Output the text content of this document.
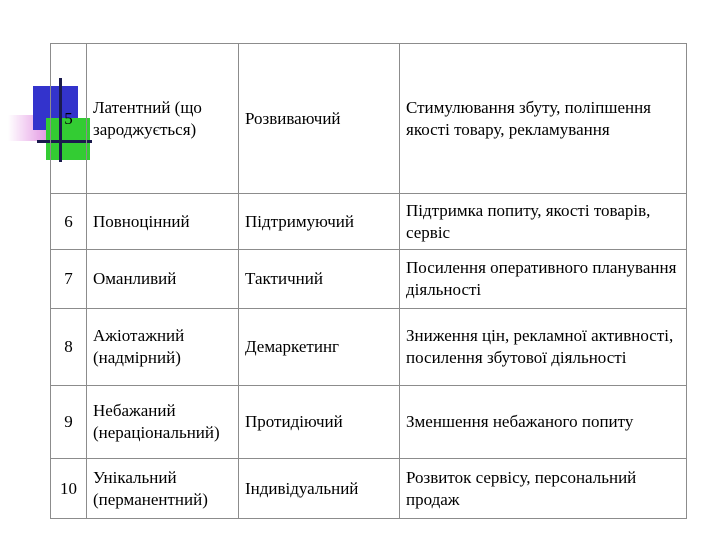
5	Латентний (що зароджується)	Розвиваючий	Стимулювання збуту, поліпшення якості товару, рекламування
6	Повноцінний	Підтримуючий	Підтримка попиту, якості товарів, сервіс
7	Оманливий	Тактичний	Посилення оперативного планування діяльності
8	Ажіотажний (надмірний)	Демаркетинг	Зниження цін, рекламної активності, посилення збутової діяльності
9	Небажаний (нераціональний)	Протидіючий	Зменшення небажаного попиту
10	Унікальний (перманентний)	Індивідуальний	Розвиток сервісу, персональний продаж
